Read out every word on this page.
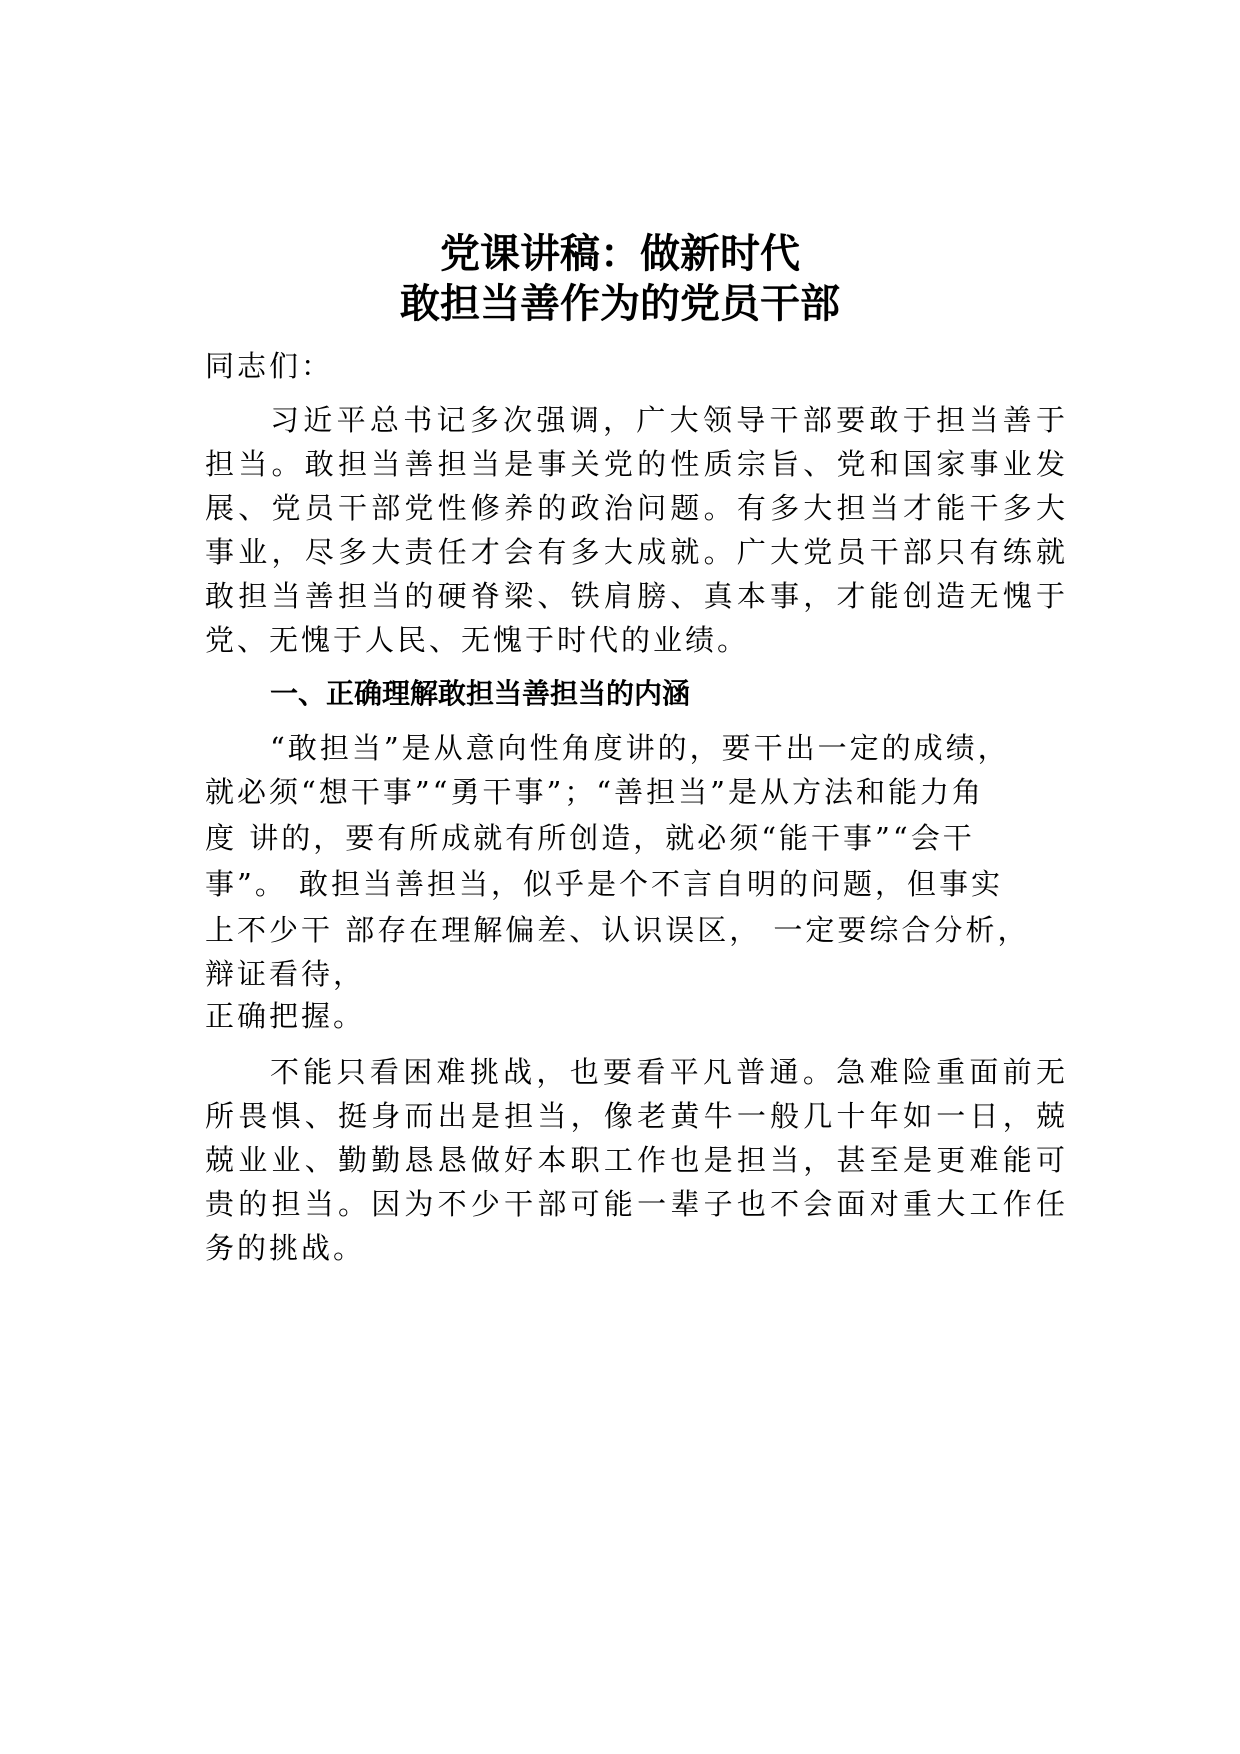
党课讲稿：做新时代
敢担当善作为的党员干部
同志们：
习近平总书记多次强调，广大领导干部要敢于担当善于
担当。敢担当善担当是事关党的性质宗旨、党和国家事业发
展、党员干部党性修养的政治问题。有多大担当才能干多大
事业，尽多大责任才会有多大成就。广大党员干部只有练就
敢担当善担当的硬脊梁、铁肩膀、真本事，才能创造无愧于
党、无愧于人民、无愧于时代的业绩。
一、正确理解敢担当善担当的内涵
“敢担当”是从意向性角度讲的，要干出一定的成绩，
就必须“想干事”“勇干事”；“善担当”是从方法和能力角
度 讲的，要有所成就有所创造，就必须“能干事”“会干
事”。 敢担当善担当，似乎是个不言自明的问题，但事实
上不少干 部存在理解偏差、认识误区， 一定要综合分析，
辩证看待，
正确把握。
不能只看困难挑战，也要看平凡普通。急难险重面前无
所畏惧、挺身而出是担当，像老黄牛一般几十年如一日，兢
兢业业、勤勤恳恳做好本职工作也是担当，甚至是更难能可
贵的担当。因为不少干部可能一辈子也不会面对重大工作任
务的挑战。
